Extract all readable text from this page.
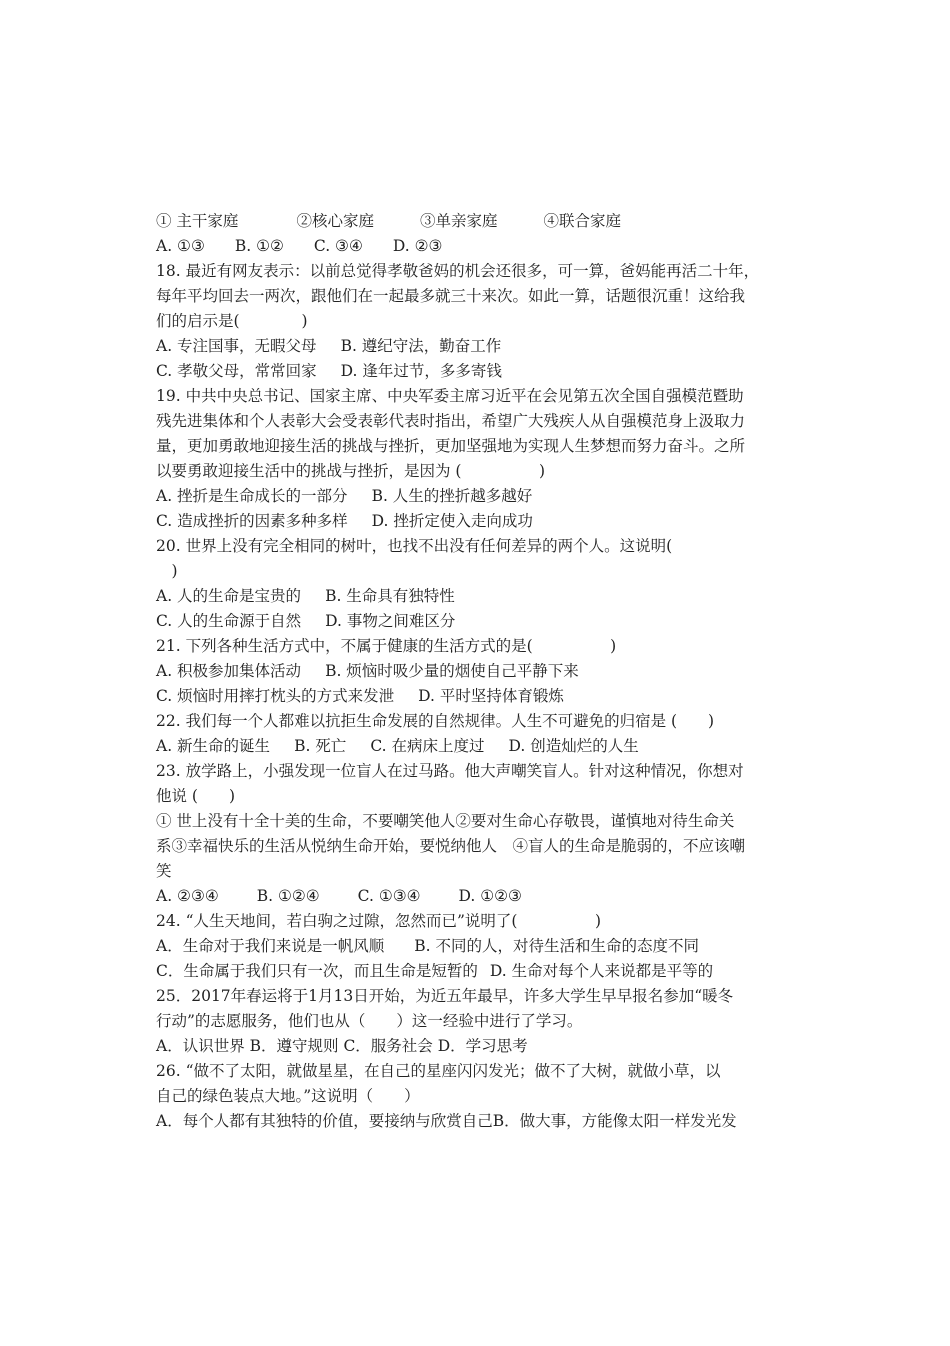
① 主干家庭	②核心家庭	③单亲家庭	④联合家庭
A. ①③ B. ①② C. ③④ D. ②③
18. 最近有网友表示：以前总觉得孝敬爸妈的机会还很多，可一算，爸妈能再活二十年，
每年平均回去一两次，跟他们在一起最多就三十来次。如此一算，话题很沉重！这给我
们的启示是(　　　　)
A. 专注国事，无暇父母 B. 遵纪守法，勤奋工作
C. 孝敬父母，常常回家 D. 逢年过节，多多寄钱
19. 中共中央总书记、国家主席、中央军委主席习近平在会见第五次全国自强模范暨助
残先进集体和个人表彰大会受表彰代表时指出，希望广大残疾人从自强模范身上汲取力
量，更加勇敢地迎接生活的挑战与挫折，更加坚强地为实现人生梦想而努力奋斗。之所
以要勇敢迎接生活中的挑战与挫折，是因为 (　　　　　)
A. 挫折是生命成长的一部分 B. 人生的挫折越多越好
C. 造成挫折的因素多种多样 D. 挫折定使入走向成功
20. 世界上没有完全相同的树叶，也找不出没有任何差异的两个人。这说明(
　)
A. 人的生命是宝贵的 B. 生命具有独特性
C. 人的生命源于自然 D. 事物之间难区分
21. 下列各种生活方式中，不属于健康的生活方式的是(　　　　　)
A. 积极参加集体活动 B. 烦恼时吸少量的烟使自己平静下来
C. 烦恼时用摔打枕头的方式来发泄 D. 平时坚持体育锻炼
22. 我们每一个人都难以抗拒生命发展的自然规律。人生不可避免的归宿是 (　　)
A. 新生命的诞生 B. 死亡 C. 在病床上度过 D. 创造灿烂的人生
23. 放学路上，小强发现一位盲人在过马路。他大声嘲笑盲人。针对这种情况，你想对
他说 (　　)
① 世上没有十全十美的生命，不要嘲笑他人②要对生命心存敬畏，谨慎地对待生命关
系③幸福快乐的生活从悦纳生命开始，要悦纳他人　④盲人的生命是脆弱的，不应该嘲
笑
A. ②③④ B. ①②④ C. ①③④ D. ①②③
24. “人生天地间，若白驹之过隙，忽然而已”说明了(　　　　　)
A．生命对于我们来说是一帆风顺 B. 不同的人，对待生活和生命的态度不同
C．生命属于我们只有一次，而且生命是短暂的 D. 生命对每个人来说都是平等的
25．2017年春运将于1月13日开始，为近五年最早，许多大学生早早报名参加“暖冬
行动”的志愿服务，他们也从（　　）这一经验中进行了学习。
A．认识世界 B．遵守规则 C．服务社会 D．学习思考
26. “做不了太阳，就做星星，在自己的星座闪闪发光；做不了大树，就做小草，以
自己的绿色装点大地。”这说明（　　）
A．每个人都有其独特的价值，要接纳与欣赏自己B．做大事，方能像太阳一样发光发
